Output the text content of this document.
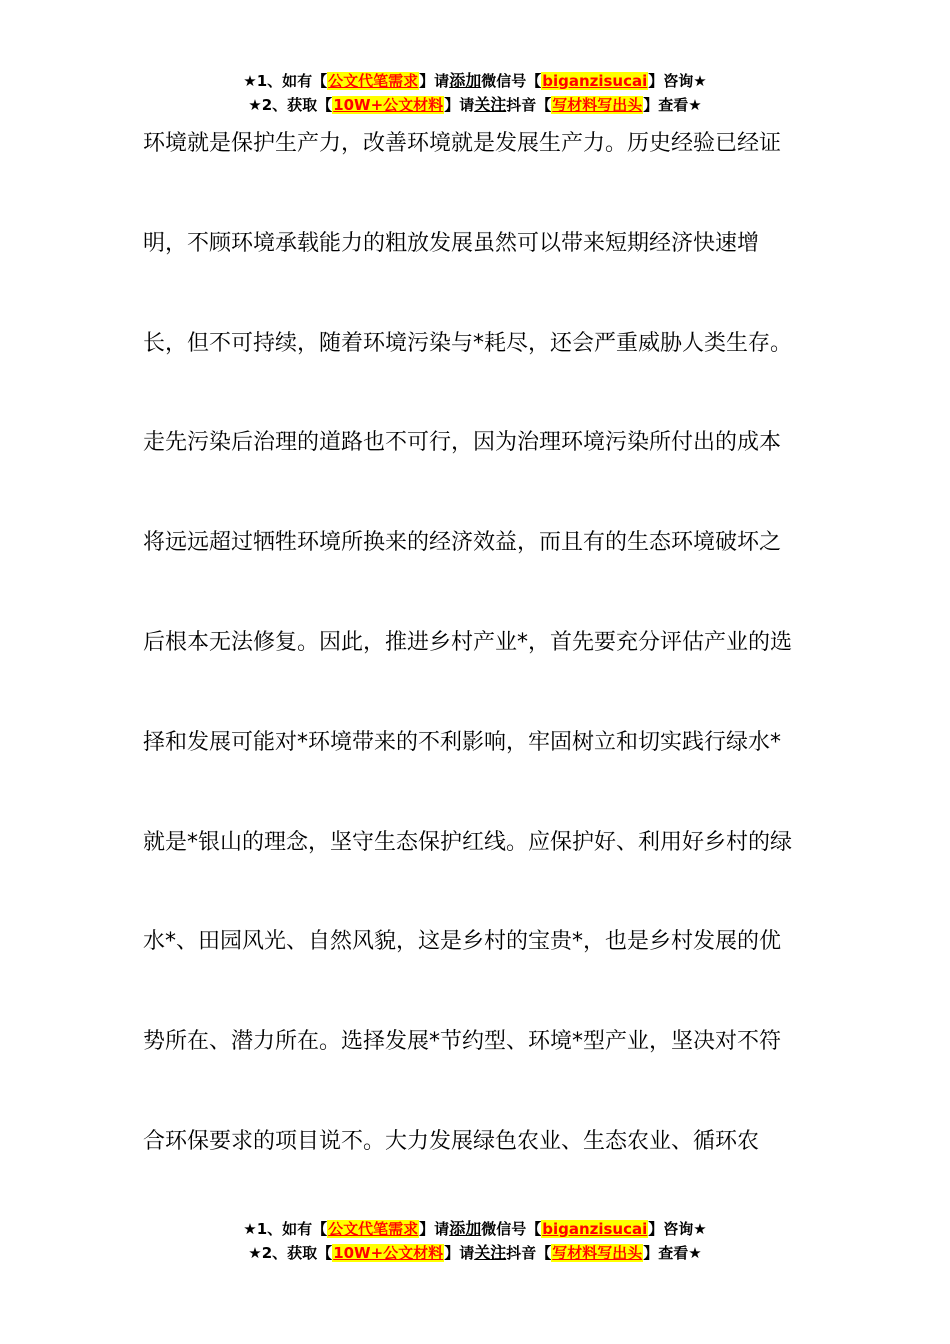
★1、如有【公文代笔需求】请添加微信号【biganzisucai】咨询★
★2、获取【10W+公文材料】请关注抖音【写材料写出头】查看★
环境就是保护生产力，改善环境就是发展生产力。历史经验已经证
明，不顾环境承载能力的粗放发展虽然可以带来短期经济快速增
长，但不可持续，随着环境污染与*耗尽，还会严重威胁人类生存。
走先污染后治理的道路也不可行，因为治理环境污染所付出的成本
将远远超过牺牲环境所换来的经济效益，而且有的生态环境破坏之
后根本无法修复。因此，推进乡村产业*，首先要充分评估产业的选
择和发展可能对*环境带来的不利影响，牢固树立和切实践行绿水*
就是*银山的理念，坚守生态保护红线。应保护好、利用好乡村的绿
水*、田园风光、自然风貌，这是乡村的宝贵*，也是乡村发展的优
势所在、潜力所在。选择发展*节约型、环境*型产业，坚决对不符
合环保要求的项目说不。大力发展绿色农业、生态农业、循环农
★1、如有【公文代笔需求】请添加微信号【biganzisucai】咨询★
★2、获取【10W+公文材料】请关注抖音【写材料写出头】查看★
